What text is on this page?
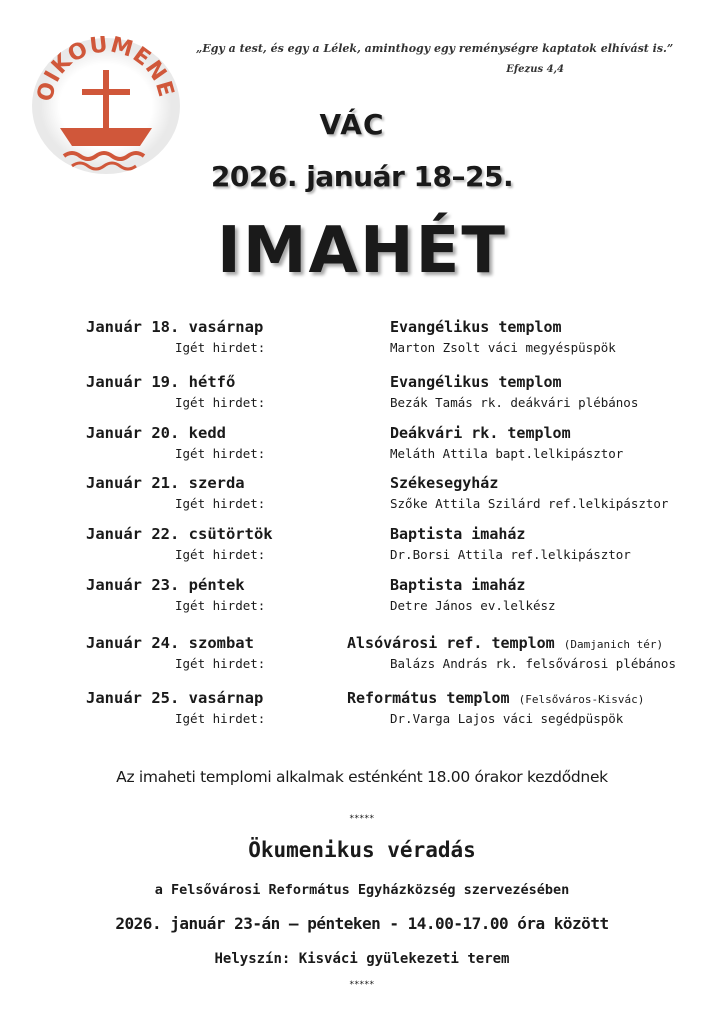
OIKOUMENE
„Egy a test, és egy a Lélek, aminthogy egy reménységre kaptatok elhívást is.”
Efezus 4,4
VÁC
2026. január 18–25.
IMAHÉT
Január 18. vasárnap	Evangélikus templom
Igét hirdet:	Marton Zsolt váci megyéspüspök
Január 19. hétfő	Evangélikus templom
Igét hirdet:	Bezák Tamás rk. deákvári plébános
Január 20. kedd	Deákvári rk. templom
Igét hirdet:	Meláth Attila bapt.lelkipásztor
Január 21. szerda	Székesegyház
Igét hirdet:	Szőke Attila Szilárd ref.lelkipásztor
Január 22. csütörtök	Baptista imaház
Igét hirdet:	Dr.Borsi Attila ref.lelkipásztor
Január 23. péntek	Baptista imaház
Igét hirdet:	Detre János ev.lelkész
Január 24. szombat	Alsóvárosi ref. templom (Damjanich tér)
Igét hirdet:	Balázs András rk. felsővárosi plébános
Január 25. vasárnap	Református templom (Felsőváros-Kisvác)
Igét hirdet:	Dr.Varga Lajos váci segédpüspök
Az imaheti templomi alkalmak esténként 18.00 órakor kezdődnek
*****
Ökumenikus véradás
a Felsővárosi Református Egyházközség szervezésében
2026. január 23-án – pénteken - 14.00-17.00 óra között
Helyszín: Kisváci gyülekezeti terem
*****
